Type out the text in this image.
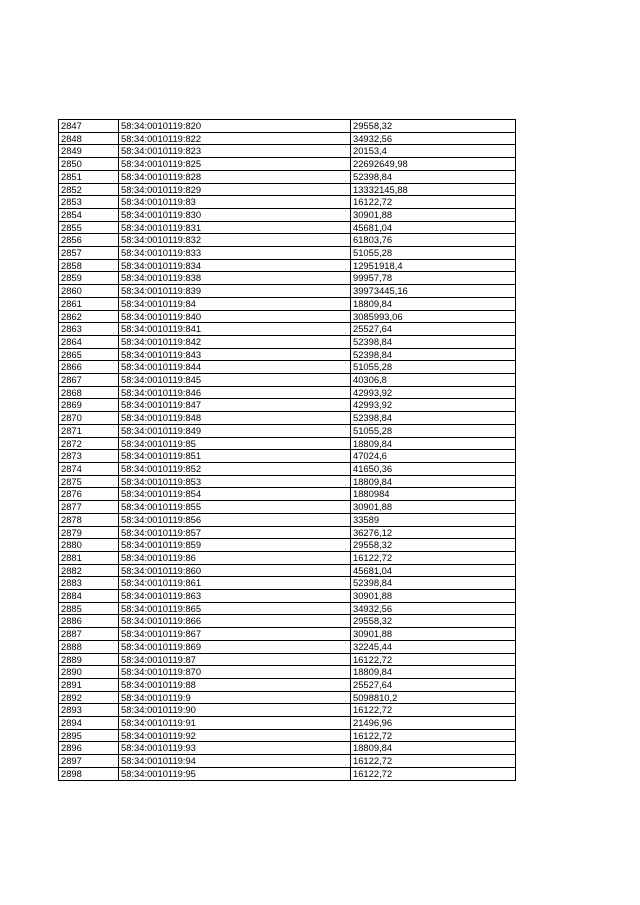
2847	58:34:0010119:820	29558,32
2848	58:34:0010119:822	34932,56
2849	58:34:0010119:823	20153,4
2850	58:34:0010119:825	22692649,98
2851	58:34:0010119:828	52398,84
2852	58:34:0010119:829	13332145,88
2853	58:34:0010119:83	16122,72
2854	58:34:0010119:830	30901,88
2855	58:34:0010119:831	45681,04
2856	58:34:0010119:832	61803,76
2857	58:34:0010119:833	51055,28
2858	58:34:0010119:834	12951918,4
2859	58:34:0010119:838	99957,78
2860	58:34:0010119:839	39973445,16
2861	58:34:0010119:84	18809,84
2862	58:34:0010119:840	3085993,06
2863	58:34:0010119:841	25527,64
2864	58:34:0010119:842	52398,84
2865	58:34:0010119:843	52398,84
2866	58:34:0010119:844	51055,28
2867	58:34:0010119:845	40306,8
2868	58:34:0010119:846	42993,92
2869	58:34:0010119:847	42993,92
2870	58:34:0010119:848	52398,84
2871	58:34:0010119:849	51055,28
2872	58:34:0010119:85	18809,84
2873	58:34:0010119:851	47024,6
2874	58:34:0010119:852	41650,36
2875	58:34:0010119:853	18809,84
2876	58:34:0010119:854	1880984
2877	58:34:0010119:855	30901,88
2878	58:34:0010119:856	33589
2879	58:34:0010119:857	36276,12
2880	58:34:0010119:859	29558,32
2881	58:34:0010119:86	16122,72
2882	58:34:0010119:860	45681,04
2883	58:34:0010119:861	52398,84
2884	58:34:0010119:863	30901,88
2885	58:34:0010119:865	34932,56
2886	58:34:0010119:866	29558,32
2887	58:34:0010119:867	30901,88
2888	58:34:0010119:869	32245,44
2889	58:34:0010119:87	16122,72
2890	58:34:0010119:870	18809,84
2891	58:34:0010119:88	25527,64
2892	58:34:0010119:9	5098810,2
2893	58:34:0010119:90	16122,72
2894	58:34:0010119:91	21496,96
2895	58:34:0010119:92	16122,72
2896	58:34:0010119:93	18809,84
2897	58:34:0010119:94	16122,72
2898	58:34:0010119:95	16122,72
